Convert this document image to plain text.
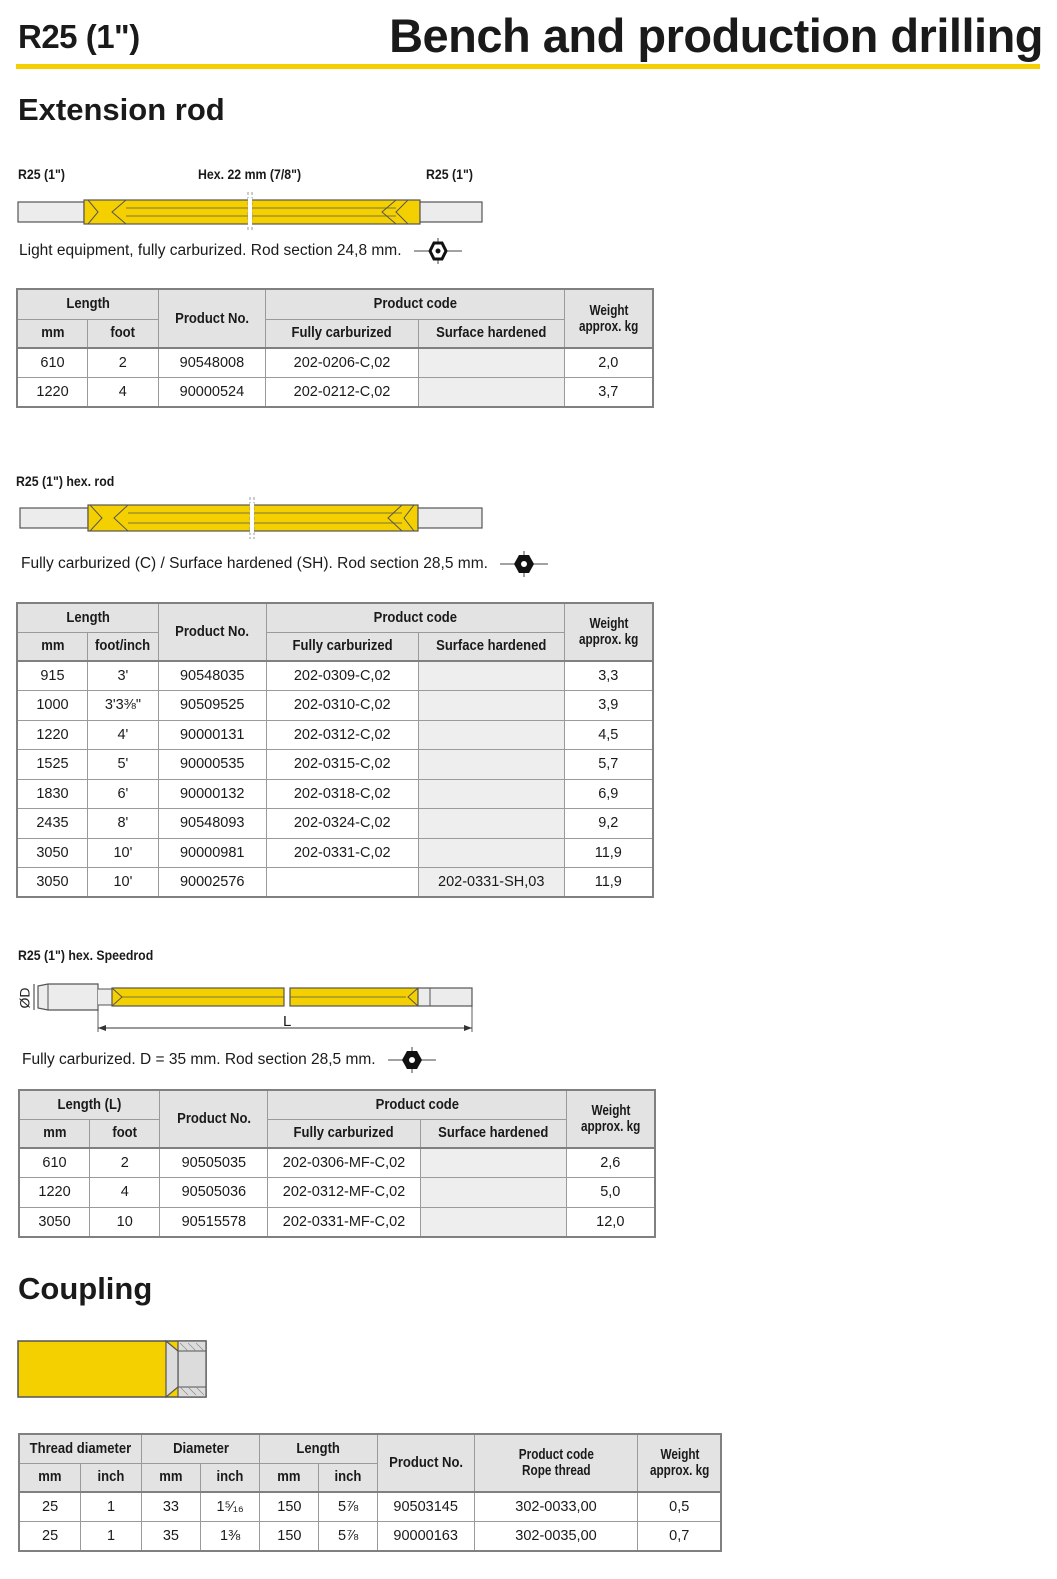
R25 (1")	Bench and production drilling
Extension rod
R25 (1")	Hex. 22 mm (7/8")	R25 (1")
Light equipment, fully carburized. Rod section 24,8 mm.
Length		Product No.	Product code		Weight
approx. kg
mm	foot		Fully carburized	Surface hardened	
610	2	90548008	202-0206-C,02		2,0
1220	4	90000524	202-0212-C,02		3,7
R25 (1") hex. rod
Fully carburized (C) / Surface hardened (SH). Rod section 28,5 mm.
Length		Product No.	Product code		Weight
approx. kg
mm	foot/inch		Fully carburized	Surface hardened	
915	3'	90548035	202-0309-C,02		3,3
1000	3'3⅜"	90509525	202-0310-C,02		3,9
1220	4'	90000131	202-0312-C,02		4,5
1525	5'	90000535	202-0315-C,02		5,7
1830	6'	90000132	202-0318-C,02		6,9
2435	8'	90548093	202-0324-C,02		9,2
3050	10'	90000981	202-0331-C,02		11,9
3050	10'	90002576		202-0331-SH,03	11,9
R25 (1") hex. Speedrod
ØD
L
Fully carburized. D = 35 mm. Rod section 28,5 mm.
Length (L)		Product No.	Product code		Weight
approx. kg
mm	foot		Fully carburized	Surface hardened	
610	2	90505035	202-0306-MF-C,02		2,6
1220	4	90505036	202-0312-MF-C,02		5,0
3050	10	90515578	202-0331-MF-C,02		12,0
Coupling
Thread diameter		Diameter		Length		Product No.	Product code
Rope thread	Weight
approx. kg
mm	inch	mm	inch	mm	inch			
25	1	33	1⁵⁄₁₆	150	5⅞	90503145	302-0033,00	0,5
25	1	35	1⅜	150	5⅞	90000163	302-0035,00	0,7
